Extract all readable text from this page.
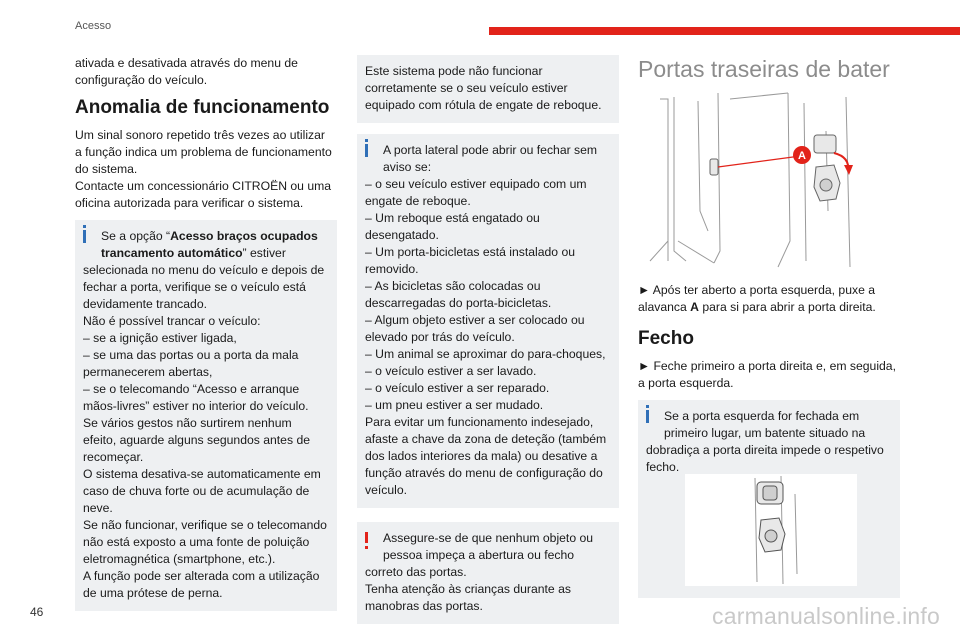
Acesso
ativada e desativada através do menu de
configuração do veículo.
Anomalia de funcionamento
Um sinal sonoro repetido três vezes ao utilizar
a função indica um problema de funcionamento
do sistema.
Contacte um concessionário CITROËN ou uma
oficina autorizada para verificar o sistema.
Se a opção “Acesso braços ocupados
trancamento automático” estiver
selecionada no menu do veículo e depois de
fechar a porta, verifique se o veículo está
devidamente trancado.
Não é possível trancar o veículo:
– se a ignição estiver ligada,
– se uma das portas ou a porta da mala
permanecerem abertas,
– se o telecomando “Acesso e arranque
mãos-livres” estiver no interior do veículo.
Se vários gestos não surtirem nenhum
efeito, aguarde alguns segundos antes de
recomeçar.
O sistema desativa-se automaticamente em
caso de chuva forte ou de acumulação de
neve.
Se não funcionar, verifique se o telecomando
não está exposto a uma fonte de poluição
eletromagnética (smartphone, etc.).
A função pode ser alterada com a utilização
de uma prótese de perna.
Este sistema pode não funcionar
corretamente se o seu veículo estiver
equipado com rótula de engate de reboque.
A porta lateral pode abrir ou fechar sem
aviso se:
– o seu veículo estiver equipado com um
engate de reboque.
– Um reboque está engatado ou
desengatado.
– Um porta-bicicletas está instalado ou
removido.
– As bicicletas são colocadas ou
descarregadas do porta-bicicletas.
– Algum objeto estiver a ser colocado ou
elevado por trás do veículo.
– Um animal se aproximar do para-choques,
– o veículo estiver a ser lavado.
– o veículo estiver a ser reparado.
– um pneu estiver a ser mudado.
Para evitar um funcionamento indesejado,
afaste a chave da zona de deteção (também
dos lados interiores da mala) ou desative a
função através do menu de configuração do
veículo.
Assegure-se de que nenhum objeto ou
pessoa impeça a abertura ou fecho
correto das portas.
Tenha atenção às crianças durante as
manobras das portas.
Portas traseiras de bater
A
► Após ter aberto a porta esquerda, puxe a
alavanca A para si para abrir a porta direita.
Fecho
► Feche primeiro a porta direita e, em seguida,
a porta esquerda.
Se a porta esquerda for fechada em
primeiro lugar, um batente situado na
dobradiça a porta direita impede o respetivo
fecho.
46	carmanualsonline.info
